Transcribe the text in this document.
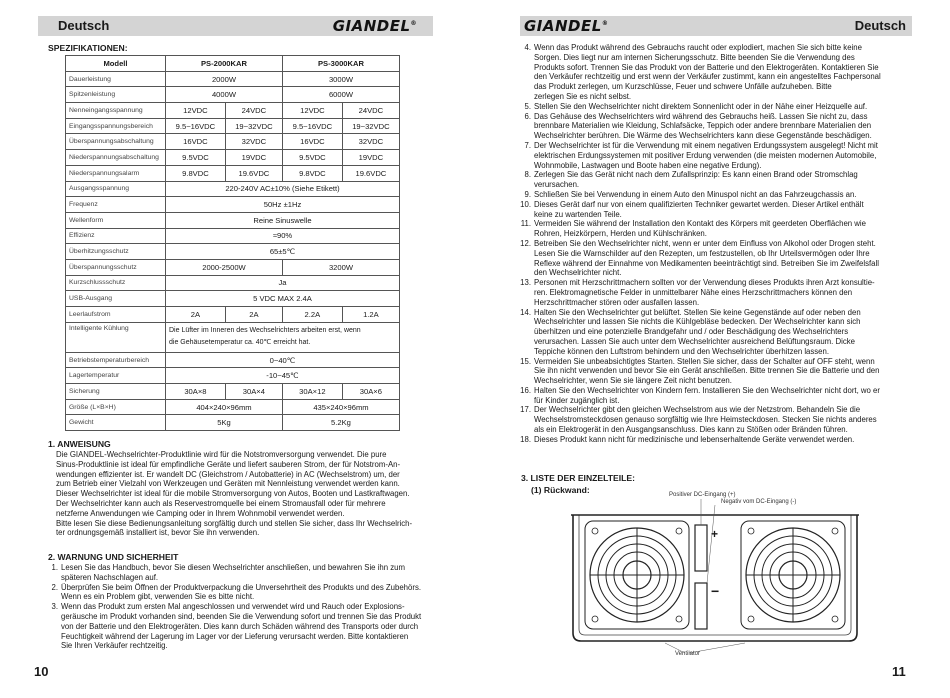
Deutsch	GIANDEL®
SPEZIFIKATIONEN:
Modell	PS-2000KAR		PS-3000KAR	
Dauerleistung	2000W		3000W	
Spitzenleistung	4000W		6000W	
Nenneingangsspannung	12VDC	24VDC	12VDC	24VDC
Eingangsspannungsbereich	9.5~16VDC	19~32VDC	9.5~16VDC	19~32VDC
Überspannungsabschaltung	16VDC	32VDC	16VDC	32VDC
Niederspannungsabschaltung	9.5VDC	19VDC	9.5VDC	19VDC
Niederspannungsalarm	9.8VDC	19.6VDC	9.8VDC	19.6VDC
Ausgangsspannung	220-240V AC±10% (Siehe Etikett)			
Frequenz	50Hz ±1Hz			
Wellenform	Reine Sinuswelle			
Effizienz	≈90%			
Überhitzungsschutz	65±5℃			
Überspannungsschutz	2000-2500W		3200W	
Kurzschlussschutz	Ja			
USB-Ausgang	5 VDC MAX 2.4A			
Leerlaufstrom	2A	2A	2.2A	1.2A
Intelligente Kühlung	Die Lüfter im Inneren des Wechselrichters arbeiten erst, wenn
die Gehäusetemperatur ca. 40℃ erreicht hat.			

Betriebstemperaturbereich	0~40℃			
Lagertemperatur	-10~45℃			
Sicherung	30A×8	30A×4	30A×12	30A×6
Größe (L×B×H)	404×240×96mm		435×240×96mm	
Gewicht	5Kg		5.2Kg	
1. ANWEISUNG

Die GIANDEL-Wechselrichter-Produktlinie wird für die Notstromversorgung verwendet. Die pure

Sinus-Produktlinie ist ideal für empfindliche Geräte und liefert sauberen Strom, der für Notstrom-An-

wendungen effizienter ist. Er wandelt DC (Gleichstrom / Autobatterie) in AC (Wechselstrom) um, der

zum Betrieb einer Vielzahl von Werkzeugen und Geräten mit Nennleistung verwendet werden kann.

Dieser Wechselrichter ist ideal für die mobile Stromversorgung von Autos, Booten und Lastkraftwagen.

Der Wechselrichter kann auch als Reservestromquelle bei einem Stromausfall oder für mehrere

netzferne Anwendungen wie Camping oder in Ihrem Wohnmobil verwendet werden.

Bitte lesen Sie diese Bedienungsanleitung sorgfältig durch und stellen Sie sicher, dass Ihr Wechselrich-

ter ordnungsgemäß installiert ist, bevor Sie ihn verwenden.

2. WARNUNG UND SICHERHEIT
1. Lesen Sie das Handbuch, bevor Sie diesen Wechselrichter anschließen, und bewahren Sie ihn zum

späteren Nachschlagen auf.

2. Überprüfen Sie beim Öffnen der Produktverpackung die Unversehrtheit des Produkts und des Zubehörs.

Wenn es ein Problem gibt, verwenden Sie es bitte nicht.

3. Wenn das Produkt zum ersten Mal angeschlossen und verwendet wird und Rauch oder Explosions-

geräusche im Produkt vorhanden sind, beenden Sie die Verwendung sofort und trennen Sie das Produkt

von der Batterie und den Elektrogeräten. Dies kann durch Schäden während des Transports oder durch

Feuchtigkeit während der Lagerung im Lager vor der Lieferung verursacht werden. Bitte kontaktieren

Sie Ihren Verkäufer rechtzeitig.

10
GIANDEL®	Deutsch
4. Wenn das Produkt während des Gebrauchs raucht oder explodiert, machen Sie sich bitte keine

Sorgen. Dies liegt nur am internen Sicherungsschutz. Bitte beenden Sie die Verwendung des

Produkts sofort. Trennen Sie das Produkt von der Batterie und den Elektrogeräten. Kontaktieren Sie

den Verkäufer rechtzeitig und erst wenn der Verkäufer zustimmt, kann ein angestelltes Fachpersonal

das Produkt zerlegen, um Kurzschlüsse, Feuer und schwere Unfälle aufzuheben. Bitte

zerlegen Sie es nicht selbst.

5. Stellen Sie den Wechselrichter nicht direktem Sonnenlicht oder in der Nähe einer Heizquelle auf.

6. Das Gehäuse des Wechselrichters wird während des Gebrauchs heiß. Lassen Sie nicht zu, dass

brennbare Materialien wie Kleidung, Schlafsäcke, Teppich oder andere brennbare Materialien den

Wechselrichter berühren. Die Wärme des Wechselrichters kann diese Gegenstände beschädigen.

7. Der Wechselrichter ist für die Verwendung mit einem negativen Erdungssystem ausgelegt! Nicht mit

elektrischen Erdungssystemen mit positiver Erdung verwenden (die meisten modernen Automobile,

Wohnmobile, Lastwagen und Boote haben eine negative Erdung).

8. Zerlegen Sie das Gerät nicht nach dem Zufallsprinzip: Es kann einen Brand oder Stromschlag

verursachen.

9. Schließen Sie bei Verwendung in einem Auto den Minuspol nicht an das Fahrzeugchassis an.

10. Dieses Gerät darf nur von einem qualifizierten Techniker gewartet werden. Dieser Artikel enthält

keine zu wartenden Teile.

11. Vermeiden Sie während der Installation den Kontakt des Körpers mit geerdeten Oberflächen wie

Rohren, Heizkörpern, Herden und Kühlschränken.

12. Betreiben Sie den Wechselrichter nicht, wenn er unter dem Einfluss von Alkohol oder Drogen steht.

Lesen Sie die Warnschilder auf den Rezepten, um festzustellen, ob Ihr Urteilsvermögen oder Ihre

Reflexe während der Einnahme von Medikamenten beeinträchtigt sind. Betreiben Sie im Zweifelsfall

den Wechselrichter nicht.

13. Personen mit Herzschrittmachern sollten vor der Verwendung dieses Produkts ihren Arzt konsultie-

ren. Elektromagnetische Felder in unmittelbarer Nähe eines Herzschrittmachers können den

Herzschrittmacher stören oder ausfallen lassen.

14. Halten Sie den Wechselrichter gut belüftet. Stellen Sie keine Gegenstände auf oder neben den

Wechselrichter und lassen Sie nichts die Kühlgebläse bedecken. Der Wechselrichter kann sich

überhitzen und eine potenzielle Brandgefahr und / oder Beschädigung des Wechselrichters

verursachen. Lassen Sie auch unter dem Wechselrichter ausreichend Belüftungsraum. Dicke

Teppiche können den Luftstrom behindern und den Wechselrichter überhitzen lassen.

15. Vermeiden Sie unbeabsichtigtes Starten. Stellen Sie sicher, dass der Schalter auf OFF steht, wenn

Sie ihn nicht verwenden und bevor Sie ein Gerät anschließen. Bitte trennen Sie die Batterie und den

Wechselrichter, wenn Sie sie längere Zeit nicht benutzen.

16. Halten Sie den Wechselrichter von Kindern fern. Installieren Sie den Wechselrichter nicht dort, wo er

für Kinder zugänglich ist.

17. Der Wechselrichter gibt den gleichen Wechselstrom aus wie der Netzstrom. Behandeln Sie die

Wechselstromsteckdosen genauso sorgfältig wie Ihre Heimsteckdosen. Stecken Sie nichts anderes

als ein Elektrogerät in den Ausgangsanschluss. Dies kann zu Stößen oder Bränden führen.

18. Dieses Produkt kann nicht für medizinische und lebenserhaltende Geräte verwendet werden.

3. LISTE DER EINZELTEILE:
(1) Rückwand:	Positiver DC-Eingang (+)
Negativ vom DC-Eingang (-)
Ventilator
+
−
11
